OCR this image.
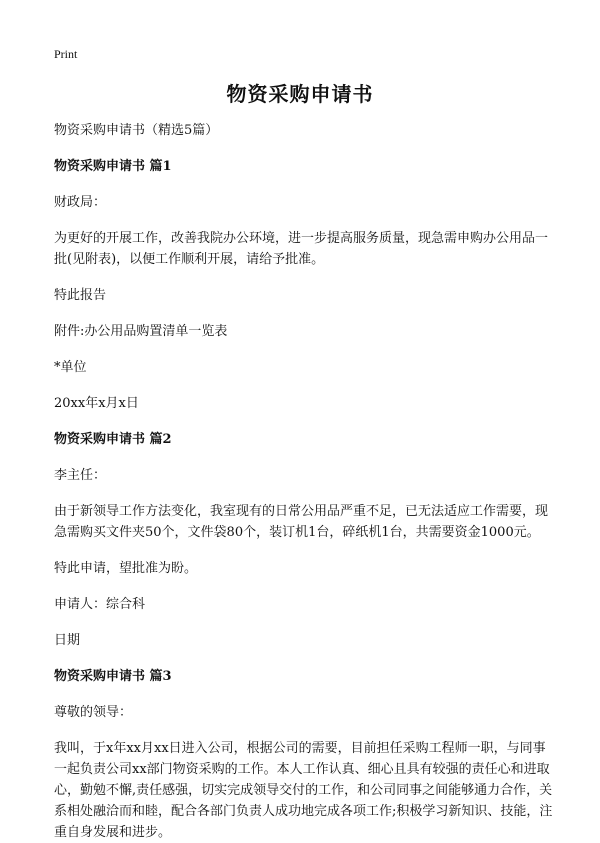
Print
物资采购申请书

物资采购申请书（精选5篇）

物资采购申请书 篇1

财政局：

为更好的开展工作，改善我院办公环境，进一步提高服务质量，现急需申购办公用品一批(见附表)，以便工作顺利开展，请给予批准。

特此报告

附件:办公用品购置清单一览表

*单位

20xx年x月x日

物资采购申请书 篇2

李主任：

由于新领导工作方法变化，我室现有的日常公用品严重不足，已无法适应工作需要，现急需购买文件夹50个，文件袋80个，装订机1台，碎纸机1台，共需要资金1000元。

特此申请，望批准为盼。

申请人：综合科

日期

物资采购申请书 篇3

尊敬的领导：

我叫，于x年xx月xx日进入公司，根据公司的需要，目前担任采购工程师一职，与同事一起负责公司xx部门物资采购的工作。本人工作认真、细心且具有较强的责任心和进取心，勤勉不懈,责任感强，切实完成领导交付的工作，和公司同事之间能够通力合作，关系相处融洽而和睦，配合各部门负责人成功地完成各项工作;积极学习新知识、技能，注重自身发展和进步。
